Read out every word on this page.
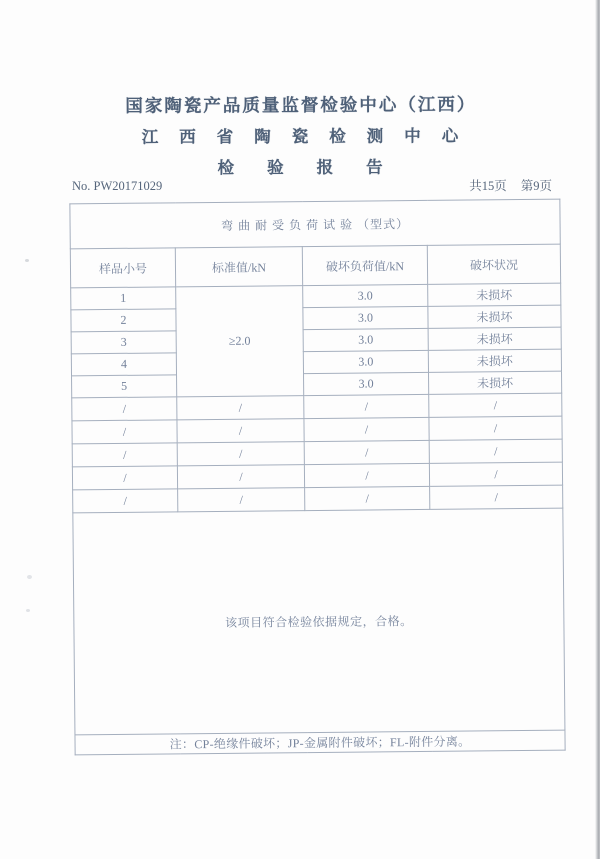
国家陶瓷产品质量监督检验中心（江西）
江西省陶瓷检测中心
检验报告
No. PW20171029	共15页 第9页
弯曲耐受负荷试验（型式）			
样品小号	标准值/kN	破坏负荷值/kN	破坏状况
1	≥2.0	3.0	未损坏
2		3.0	未损坏
3		3.0	未损坏
4		3.0	未损坏
5		3.0	未损坏
/	/	/	/
/	/	/	/
/	/	/	/
/	/	/	/
/	/	/	/
该项目符合检验依据规定，合格。			
注：CP-绝缘件破坏；JP-金属附件破坏；FL-附件分离。			
